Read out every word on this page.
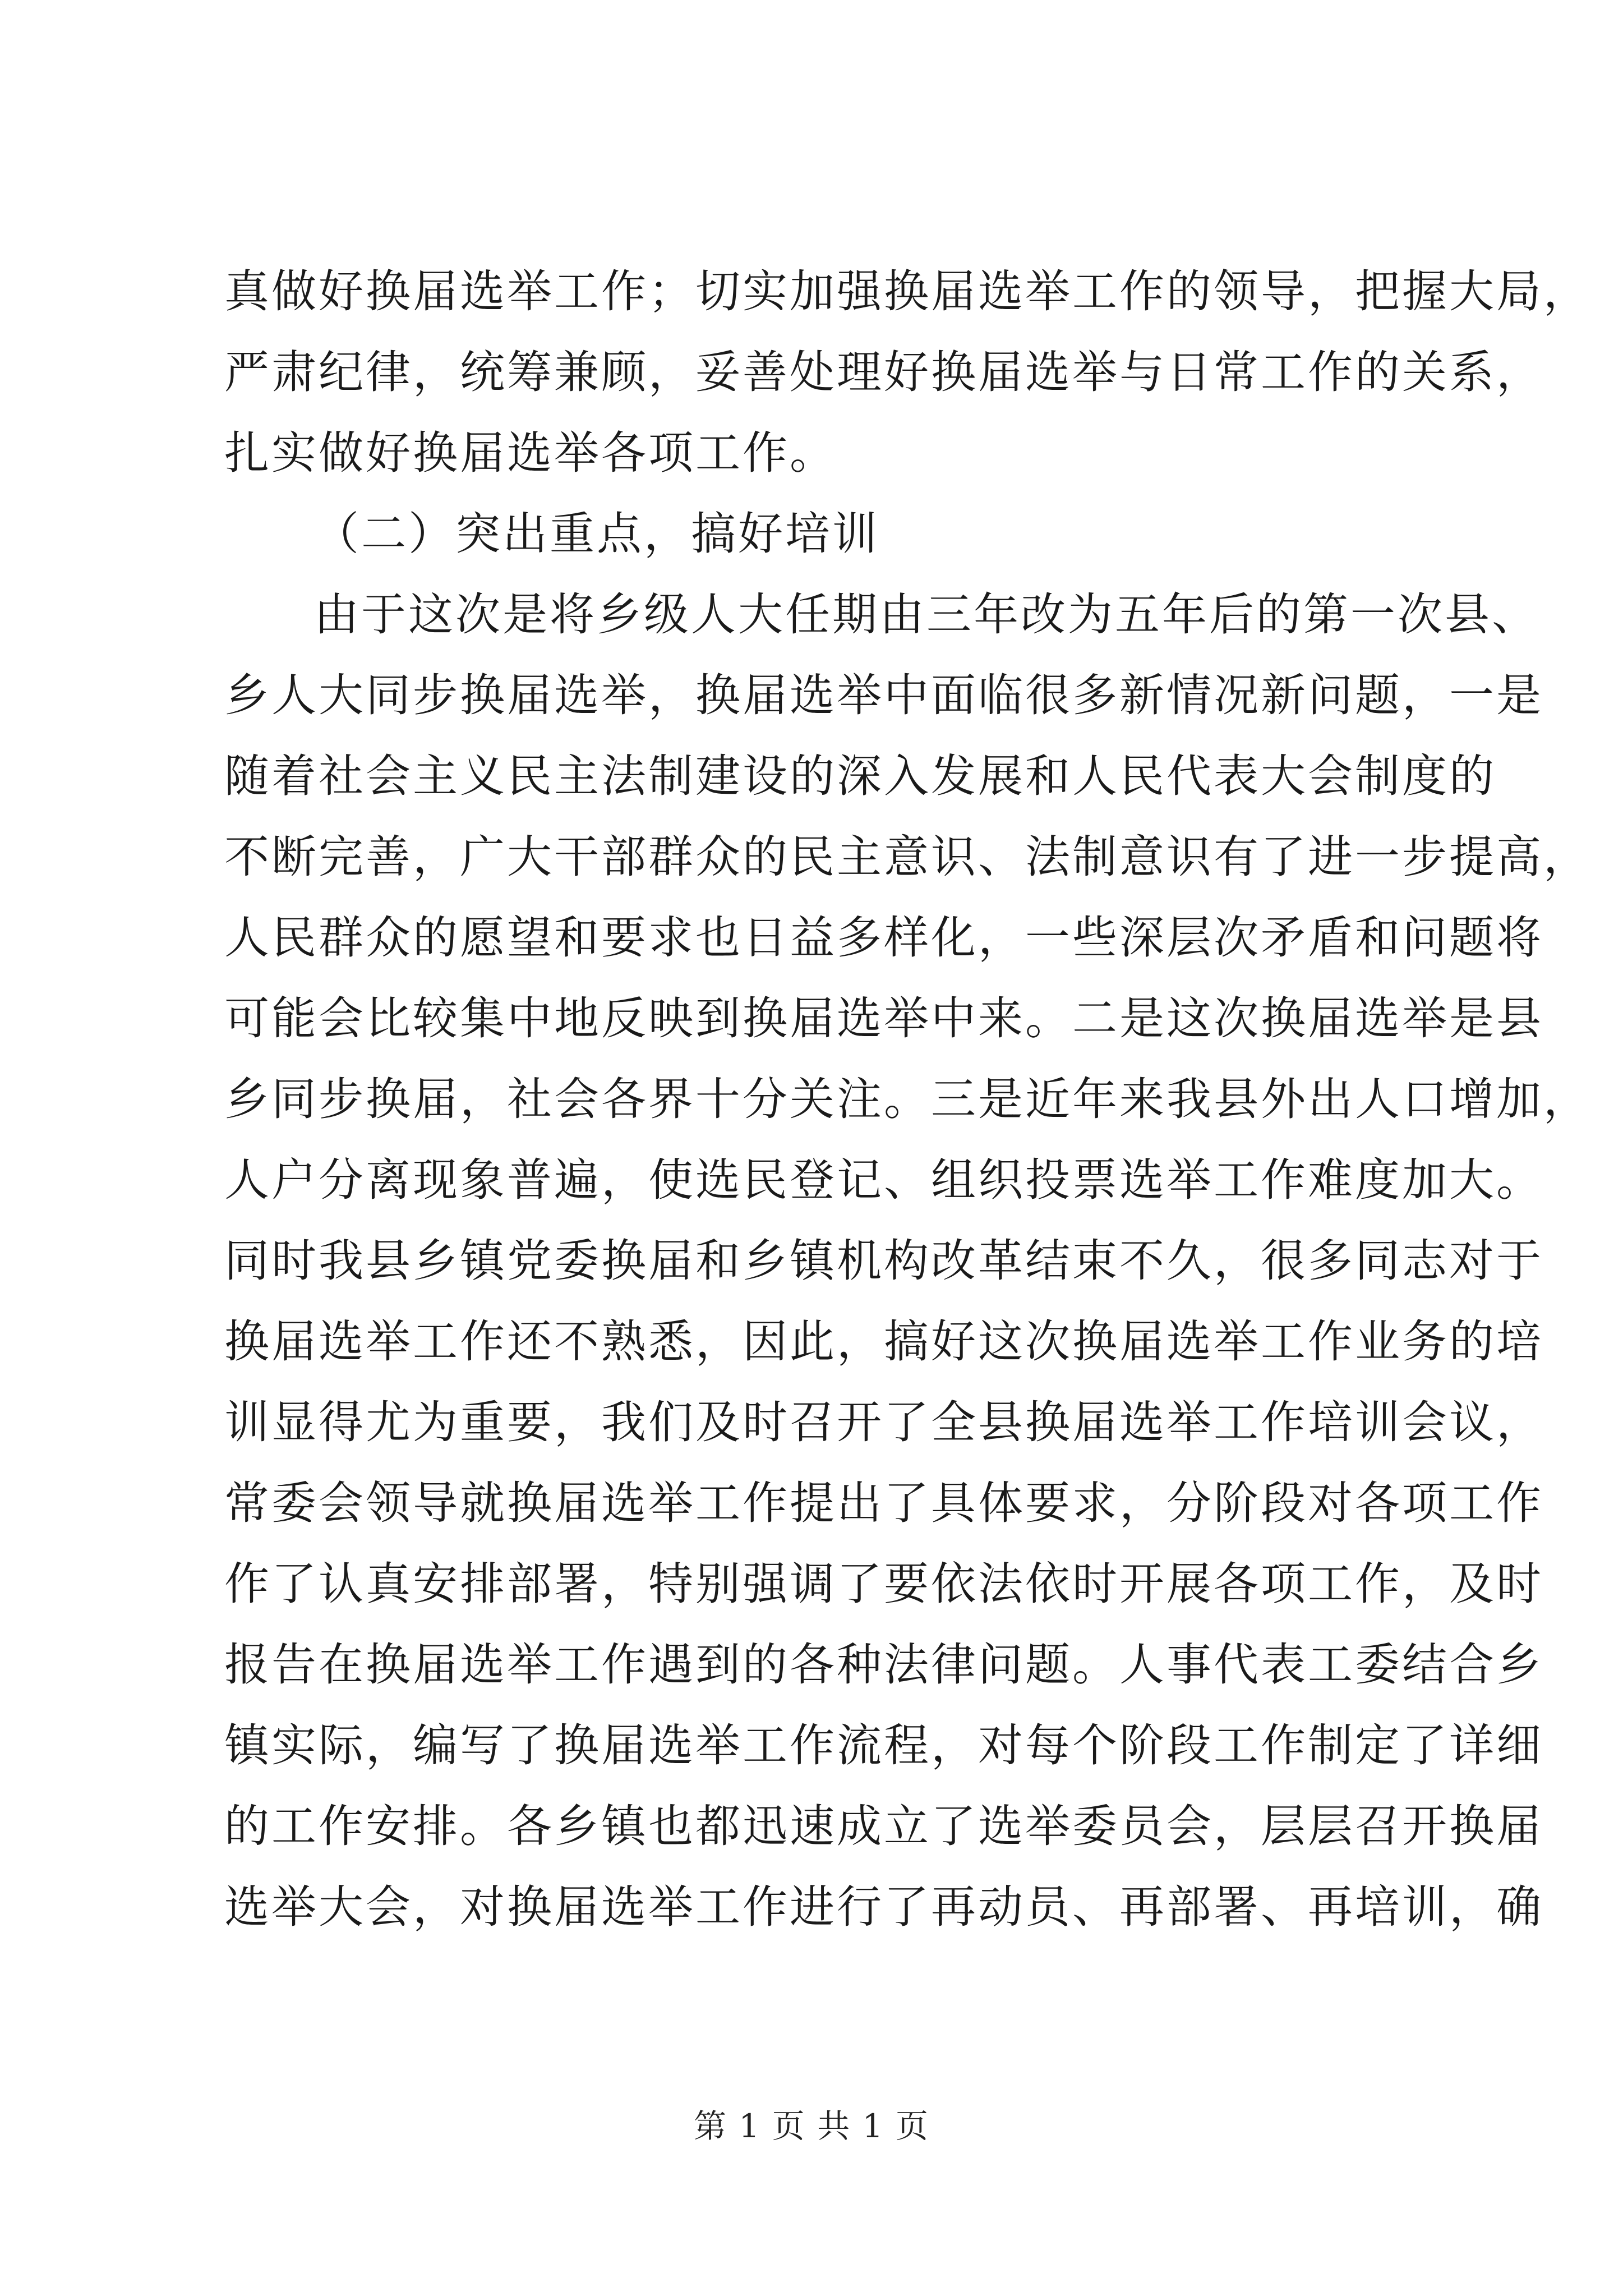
真做好换届选举工作；切实加强换届选举工作的领导，把握大局，
严肃纪律，统筹兼顾，妥善处理好换届选举与日常工作的关系，
扎实做好换届选举各项工作。
（二）突出重点，搞好培训
由于这次是将乡级人大任期由三年改为五年后的第一次县、
乡人大同步换届选举，换届选举中面临很多新情况新问题，一是
随着社会主义民主法制建设的深入发展和人民代表大会制度的
不断完善，广大干部群众的民主意识、法制意识有了进一步提高，
人民群众的愿望和要求也日益多样化，一些深层次矛盾和问题将
可能会比较集中地反映到换届选举中来。二是这次换届选举是县
乡同步换届，社会各界十分关注。三是近年来我县外出人口增加，
人户分离现象普遍，使选民登记、组织投票选举工作难度加大。
同时我县乡镇党委换届和乡镇机构改革结束不久，很多同志对于
换届选举工作还不熟悉，因此，搞好这次换届选举工作业务的培
训显得尤为重要，我们及时召开了全县换届选举工作培训会议，
常委会领导就换届选举工作提出了具体要求，分阶段对各项工作
作了认真安排部署，特别强调了要依法依时开展各项工作，及时
报告在换届选举工作遇到的各种法律问题。人事代表工委结合乡
镇实际，编写了换届选举工作流程，对每个阶段工作制定了详细
的工作安排。各乡镇也都迅速成立了选举委员会，层层召开换届
选举大会，对换届选举工作进行了再动员、再部署、再培训，确
第 1 页 共 1 页
